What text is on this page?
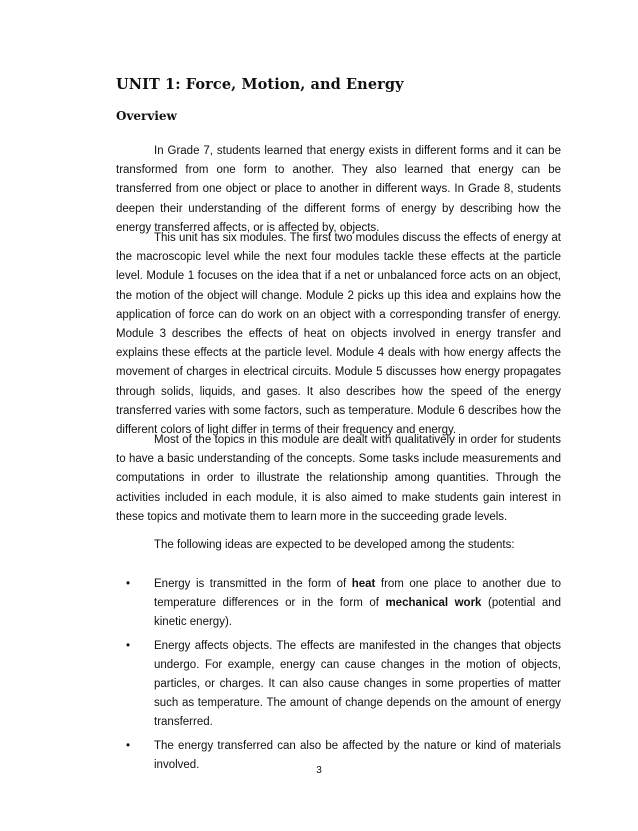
UNIT 1: Force, Motion, and Energy
Overview

In Grade 7, students learned that energy exists in different forms and it can be transformed from one form to another. They also learned that energy can be transferred from one object or place to another in different ways. In Grade 8, students deepen their understanding of the different forms of energy by describing how the energy transferred affects, or is affected by, objects.

This unit has six modules. The first two modules discuss the effects of energy at the macroscopic level while the next four modules tackle these effects at the particle level. Module 1 focuses on the idea that if a net or unbalanced force acts on an object, the motion of the object will change. Module 2 picks up this idea and explains how the application of force can do work on an object with a corresponding transfer of energy. Module 3 describes the effects of heat on objects involved in energy transfer and explains these effects at the particle level. Module 4 deals with how energy affects the movement of charges in electrical circuits. Module 5 discusses how energy propagates through solids, liquids, and gases. It also describes how the speed of the energy transferred varies with some factors, such as temperature. Module 6 describes how the different colors of light differ in terms of their frequency and energy.

Most of the topics in this module are dealt with qualitatively in order for students to have a basic understanding of the concepts. Some tasks include measurements and computations in order to illustrate the relationship among quantities. Through the activities included in each module, it is also aimed to make students gain interest in these topics and motivate them to learn more in the succeeding grade levels.

The following ideas are expected to be developed among the students:

• Energy is transmitted in the form of heat from one place to another due to temperature differences or in the form of mechanical work (potential and kinetic energy).
• Energy affects objects. The effects are manifested in the changes that objects undergo. For example, energy can cause changes in the motion of objects, particles, or charges. It can also cause changes in some properties of matter such as temperature. The amount of change depends on the amount of energy transferred.
• The energy transferred can also be affected by the nature or kind of materials involved.	3
